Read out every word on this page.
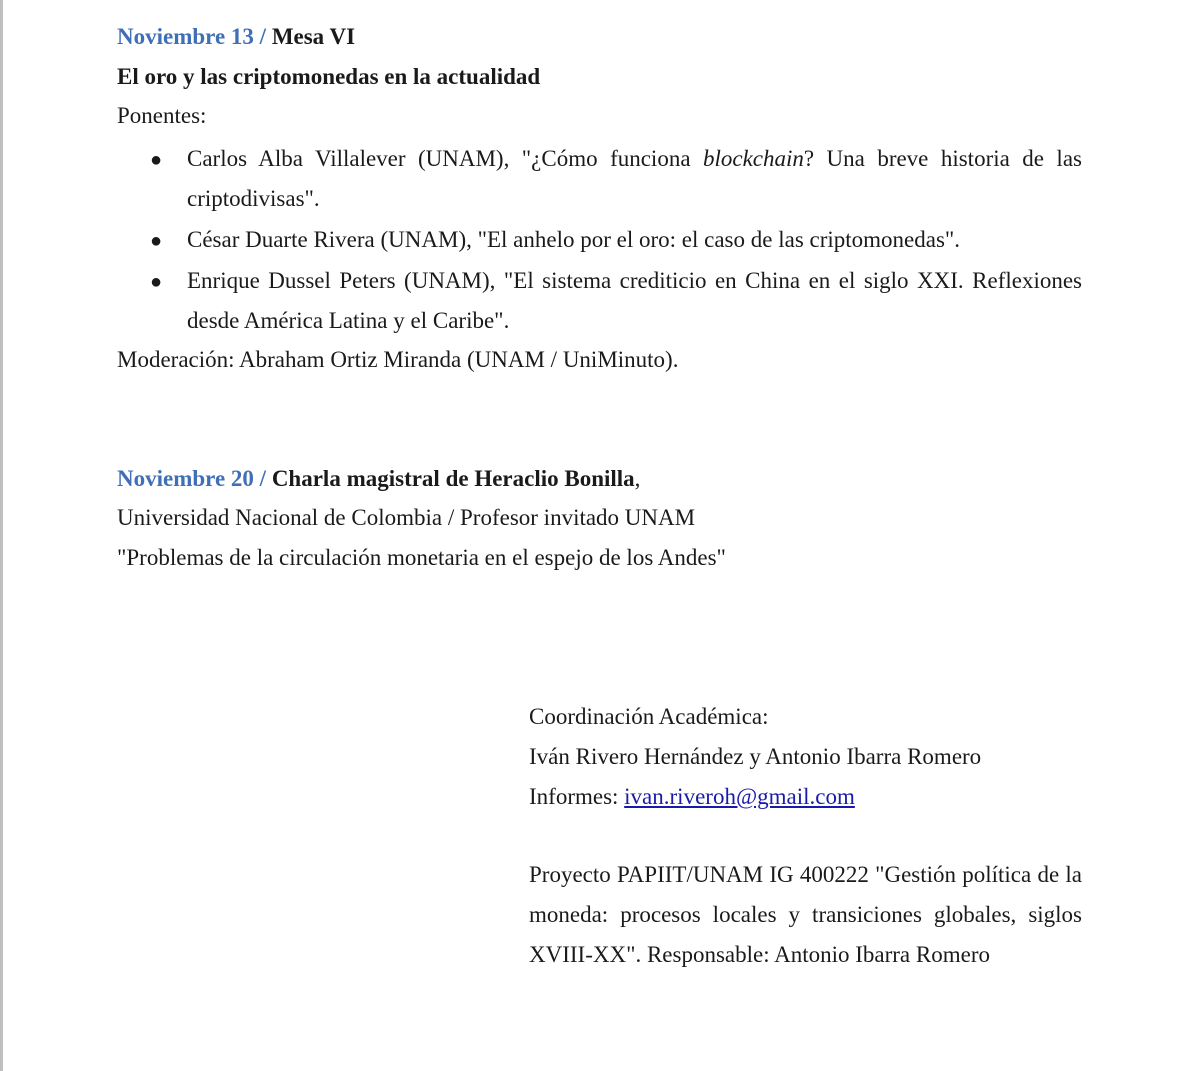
Noviembre 13 / Mesa VI
El oro y las criptomonedas en la actualidad
Ponentes:
● Carlos Alba Villalever (UNAM), "¿Cómo funciona blockchain? Una breve historia de las criptodivisas".
● César Duarte Rivera (UNAM), "El anhelo por el oro: el caso de las criptomonedas".
● Enrique Dussel Peters (UNAM), "El sistema crediticio en China en el siglo XXI. Reflexiones desde América Latina y el Caribe".
Moderación: Abraham Ortiz Miranda (UNAM / UniMinuto).
Noviembre 20 / Charla magistral de Heraclio Bonilla,
Universidad Nacional de Colombia / Profesor invitado UNAM
"Problemas de la circulación monetaria en el espejo de los Andes"
Coordinación Académica:
Iván Rivero Hernández y Antonio Ibarra Romero
Informes: ivan.riveroh@gmail.com
Proyecto PAPIIT/UNAM IG 400222 "Gestión política de la moneda: procesos locales y transiciones globales, siglos XVIII-XX". Responsable: Antonio Ibarra Romero
